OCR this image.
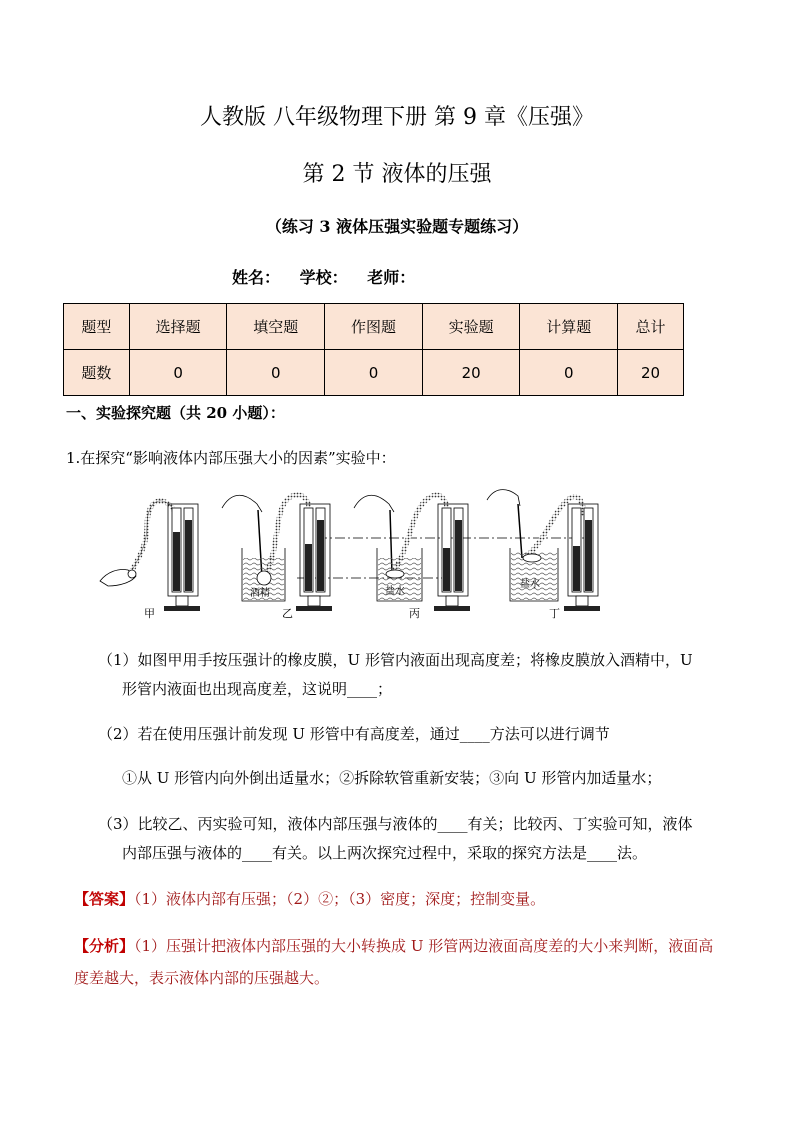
人教版 八年级物理下册 第 9 章《压强》
第 2 节 液体的压强
（练习 3 液体压强实验题专题练习）
姓名： 学校： 老师：
题型	选择题	填空题	作图题	实验题	计算题	总计
题数	0	0	0	20	0	20
一、实验探究题（共 20 小题）：
1.在探究“影响液体内部压强大小的因素”实验中：
甲
酒精
乙
盐水
丙
盐水
丁
（1）如图甲用手按压强计的橡皮膜，U 形管内液面出现高度差；将橡皮膜放入酒精中，U
形管内液面也出现高度差，这说明____；
（2）若在使用压强计前发现 U 形管中有高度差，通过____方法可以进行调节
①从 U 形管内向外倒出适量水；②拆除软管重新安装；③向 U 形管内加适量水；
（3）比较乙、丙实验可知，液体内部压强与液体的____有关；比较丙、丁实验可知，液体
内部压强与液体的____有关。以上两次探究过程中，采取的探究方法是____法。
【答案】（1）液体内部有压强；（2）②；（3）密度；深度；控制变量。
【分析】（1）压强计把液体内部压强的大小转换成 U 形管两边液面高度差的大小来判断，液面高度差越大，表示液体内部的压强越大。
